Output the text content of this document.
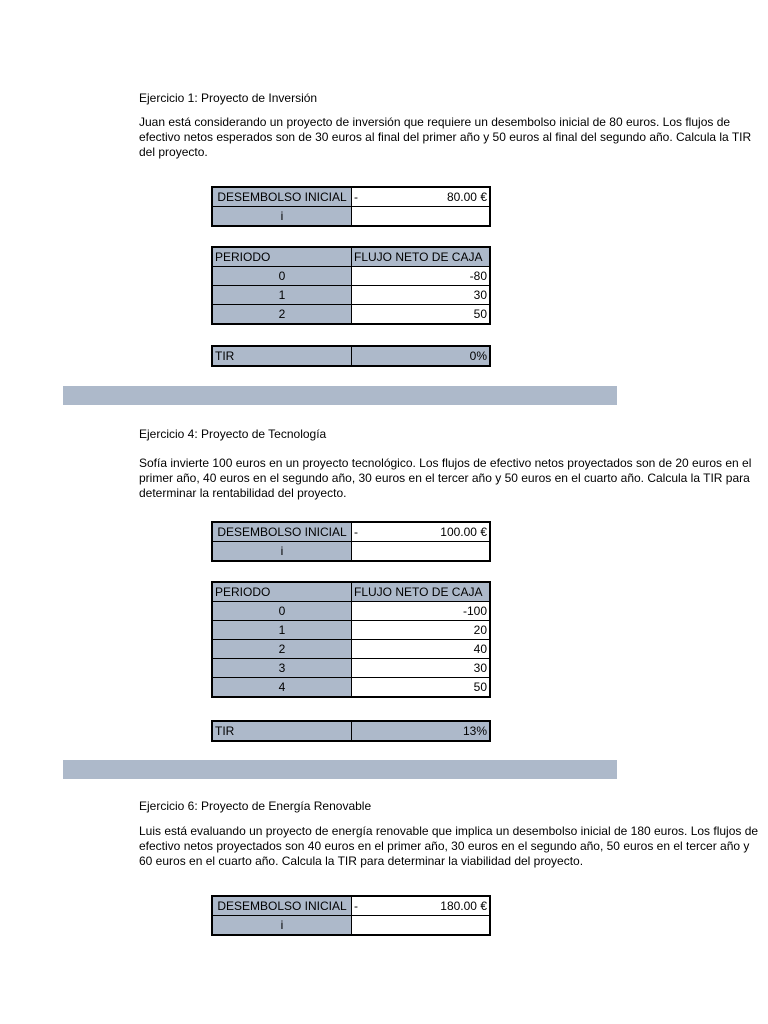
Ejercicio 1: Proyecto de Inversión
Juan está considerando un proyecto de inversión que requiere un desembolso inicial de 80 euros. Los flujos de
efectivo netos esperados son de 30 euros al final del primer año y 50 euros al final del segundo año. Calcula la TIR
del proyecto.
DESEMBOLSO INICIAL	- 80.00 €

i	
PERIODO	FLUJO NETO DE CAJA
0	-80
1	30
2	50
TIR	0%
Ejercicio 4: Proyecto de Tecnología
Sofía invierte 100 euros en un proyecto tecnológico. Los flujos de efectivo netos proyectados son de 20 euros en el
primer año, 40 euros en el segundo año, 30 euros en el tercer año y 50 euros en el cuarto año. Calcula la TIR para
determinar la rentabilidad del proyecto.
DESEMBOLSO INICIAL	- 100.00 €

i	
PERIODO	FLUJO NETO DE CAJA
0	-100
1	20
2	40
3	30
4	50
TIR	13%
Ejercicio 6: Proyecto de Energía Renovable
Luis está evaluando un proyecto de energía renovable que implica un desembolso inicial de 180 euros. Los flujos de
efectivo netos proyectados son 40 euros en el primer año, 30 euros en el segundo año, 50 euros en el tercer año y
60 euros en el cuarto año. Calcula la TIR para determinar la viabilidad del proyecto.
DESEMBOLSO INICIAL	- 180.00 €

i	
